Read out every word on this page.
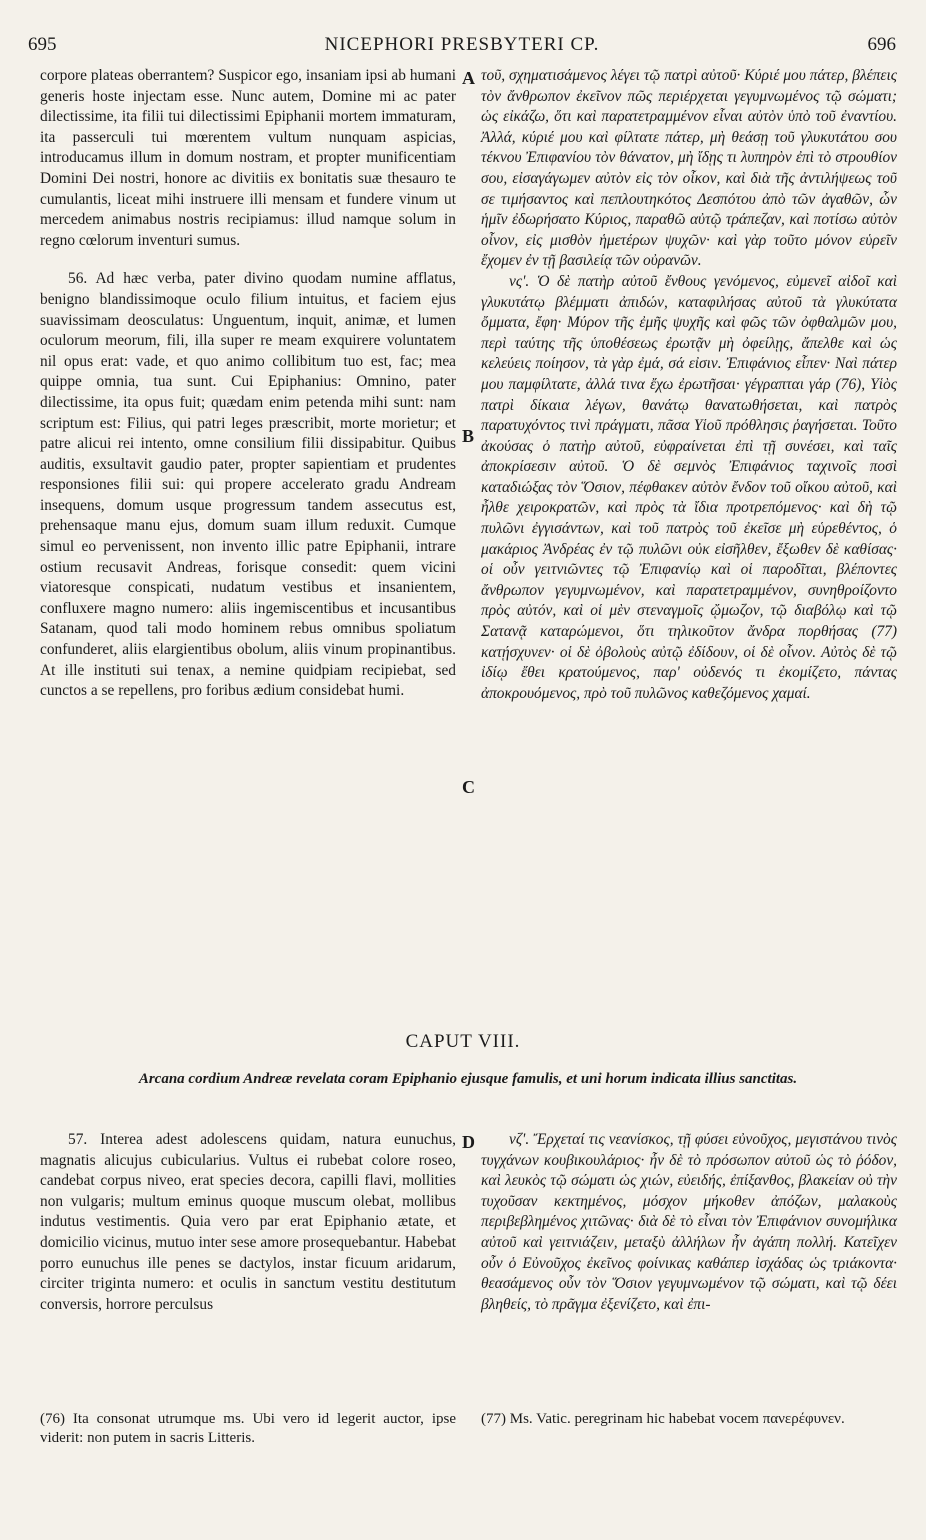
695	NICEPHORI PRESBYTERI CP.	696

corpore plateas oberrantem? Suspicor ego, insaniam ipsi ab humani generis hoste injectam esse. Nunc autem, Domine mi ac pater dilectissime, ita filii tui dilectissimi Epiphanii mortem immaturam, ita passerculi tui mœrentem vultum nunquam aspicias, introducamus illum in domum nostram, et propter munificentiam Domini Dei nostri, honore ac divitiis ex bonitatis suæ thesauro te cumulantis, liceat mihi instruere illi mensam et fundere vinum ut mercedem animabus nostris recipiamus: illud namque solum in regno cœlorum inventuri sumus.

56. Ad hæc verba, pater divino quodam numine afflatus, benigno blandissimoque oculo filium intuitus, et faciem ejus suavissimam deosculatus: Unguentum, inquit, animæ, et lumen oculorum meorum, fili, illa super re meam exquirere voluntatem nil opus erat: vade, et quo animo collibitum tuo est, fac; mea quippe omnia, tua sunt. Cui Epiphanius: Omnino, pater dilectissime, ita opus fuit; quædam enim petenda mihi sunt: nam scriptum est: Filius, qui patri leges præscribit, morte morietur; et patre alicui rei intento, omne consilium filii dissipabitur. Quibus auditis, exsultavit gaudio pater, propter sapientiam et prudentes responsiones filii sui: qui propere accelerato gradu Andream insequens, domum usque progressum tandem assecutus est, prehensaque manu ejus, domum suam illum reduxit. Cumque simul eo pervenissent, non invento illic patre Epiphanii, intrare ostium recusavit Andreas, forisque consedit: quem vicini viatoresque conspicati, nudatum vestibus et insanientem, confluxere magno numero: aliis ingemiscentibus et incusantibus Satanam, quod tali modo hominem rebus omnibus spoliatum confunderet, aliis elargientibus obolum, aliis vinum propinantibus. At ille instituti sui tenax, a nemine quidpiam recipiebat, sed cunctos a se repellens, pro foribus ædium considebat humi.

τοῦ, σχηματισάμενος λέγει τῷ πατρὶ αὐτοῦ· Κύριέ μου πάτερ, βλέπεις τὸν ἄνθρωπον ἐκεῖνον πῶς περιέρχεται γεγυμνωμένος τῷ σώματι; ὡς εἰκάζω, ὅτι καὶ παρατετραμμένον εἶναι αὐτὸν ὑπὸ τοῦ ἐναντίου. Ἀλλά, κύριέ μου καὶ φίλτατε πάτερ, μὴ θεάσῃ τοῦ γλυκυτάτου σου τέκνου Ἐπιφανίου τὸν θάνατον, μὴ ἴδῃς τι λυπηρὸν ἐπὶ τὸ στρουθίον σου, εἰσαγάγωμεν αὐτὸν εἰς τὸν οἶκον, καὶ διὰ τῆς ἀντιλήψεως τοῦ σε τιμήσαντος καὶ πεπλουτηκότος Δεσπότου ἀπὸ τῶν ἀγαθῶν, ὧν ἡμῖν ἐδωρήσατο Κύριος, παραθῶ αὐτῷ τράπεζαν, καὶ ποτίσω αὐτὸν οἶνον, εἰς μισθὸν ἡμετέρων ψυχῶν· καὶ γὰρ τοῦτο μόνον εὑρεῖν ἔχομεν ἐν τῇ βασιλείᾳ τῶν οὐρανῶν.

νς'. Ὁ δὲ πατὴρ αὐτοῦ ἔνθους γενόμενος, εὐμενεῖ αἰδοῖ καὶ γλυκυτάτῳ βλέμματι ἀπιδών, καταφιλήσας αὐτοῦ τὰ γλυκύτατα ὄμματα, ἔφη· Μύρον τῆς ἐμῆς ψυχῆς καὶ φῶς τῶν ὀφθαλμῶν μου, περὶ ταύτης τῆς ὑποθέσεως ἐρωτᾷν μὴ ὀφείλῃς, ἄπελθε καὶ ὡς κελεύεις ποίησον, τὰ γὰρ ἐμά, σά εἰσιν. Ἐπιφάνιος εἶπεν· Ναὶ πάτερ μου παμφίλτατε, ἀλλά τινα ἔχω ἐρωτῆσαι· γέγραπται γάρ (76), Υἱὸς πατρὶ δίκαια λέγων, θανάτῳ θανατωθήσεται, καὶ πατρὸς παρατυχόντος τινὶ πράγματι, πᾶσα Υἱοῦ πρόθλησις ῥαγήσεται. Τοῦτο ἀκούσας ὁ πατὴρ αὐτοῦ, εὐφραίνεται ἐπὶ τῇ συνέσει, καὶ ταῖς ἀποκρίσεσιν αὐτοῦ. Ὁ δὲ σεμνὸς Ἐπιφάνιος ταχινοῖς ποσὶ καταδιώξας τὸν Ὅσιον, πέφθακεν αὐτὸν ἔνδον τοῦ οἴκου αὐτοῦ, καὶ ἦλθε χειροκρατῶν, καὶ πρὸς τὰ ἴδια προτρεπόμενος· καὶ δὴ τῷ πυλῶνι ἐγγισάντων, καὶ τοῦ πατρὸς τοῦ ἐκεῖσε μὴ εὑρεθέντος, ὁ μακάριος Ἀνδρέας ἐν τῷ πυλῶνι οὐκ εἰσῆλθεν, ἔξωθεν δὲ καθίσας· οἱ οὖν γειτνιῶντες τῷ Ἐπιφανίῳ καὶ οἱ παροδῖται, βλέποντες ἄνθρωπον γεγυμνωμένον, καὶ παρατετραμμένον, συνηθροίζοντο πρὸς αὐτόν, καὶ οἱ μὲν στεναγμοῖς ᾤμωζον, τῷ διαβόλῳ καὶ τῷ Σατανᾷ καταρώμενοι, ὅτι τηλικοῦτον ἄνδρα πορθήσας (77) κατῄσχυνεν· οἱ δὲ ὀβολοὺς αὐτῷ ἐδίδουν, οἱ δὲ οἶνον. Αὐτὸς δὲ τῷ ἰδίῳ ἔθει κρατούμενος, παρ' οὐδενός τι ἐκομίζετο, πάντας ἀποκρουόμενος, πρὸ τοῦ πυλῶνος καθεζόμενος χαμαί.

A
B
C
D
CAPUT VIII.
Arcana cordium Andreæ revelata coram Epiphanio ejusque famulis, et uni horum indicata illius sanctitas.

57. Interea adest adolescens quidam, natura eunuchus, magnatis alicujus cubicularius. Vultus ei rubebat colore roseo, candebat corpus niveo, erat species decora, capilli flavi, mollities non vulgaris; multum eminus quoque muscum olebat, mollibus indutus vestimentis. Quia vero par erat Epiphanio ætate, et domicilio vicinus, mutuo inter sese amore prosequebantur. Habebat porro eunuchus ille penes se dactylos, instar ficuum aridarum, circiter triginta numero: et oculis in sanctum vestitu destitutum conversis, horrore perculsus

νζ'. Ἔρχεταί τις νεανίσκος, τῇ φύσει εὐνοῦχος, μεγιστάνου τινὸς τυγχάνων κουβικουλάριος· ἦν δὲ τὸ πρόσωπον αὐτοῦ ὡς τὸ ῥόδον, καὶ λευκὸς τῷ σώματι ὡς χιών, εὐειδής, ἐπίξανθος, βλακείαν οὐ τὴν τυχοῦσαν κεκτημένος, μόσχον μήκοθεν ἀπόζων, μαλακοὺς περιβεβλημένος χιτῶνας· διὰ δὲ τὸ εἶναι τὸν Ἐπιφάνιον συνομήλικα αὐτοῦ καὶ γειτνιάζειν, μεταξὺ ἀλλήλων ἦν ἀγάπη πολλή. Κατεῖχεν οὖν ὁ Εὐνοῦχος ἐκεῖνος φοίνικας καθάπερ ἰσχάδας ὡς τριάκοντα· θεασάμενος οὖν τὸν Ὅσιον γεγυμνωμένον τῷ σώματι, καὶ τῷ δέει βληθείς, τὸ πρᾶγμα ἐξενίζετο, καὶ ἐπι-

(76) Ita consonat utrumque ms. Ubi vero id legerit auctor, ipse viderit: non putem in sacris Litteris.
(77) Ms. Vatic. peregrinam hic habebat vocem πανερέφυνεν.
